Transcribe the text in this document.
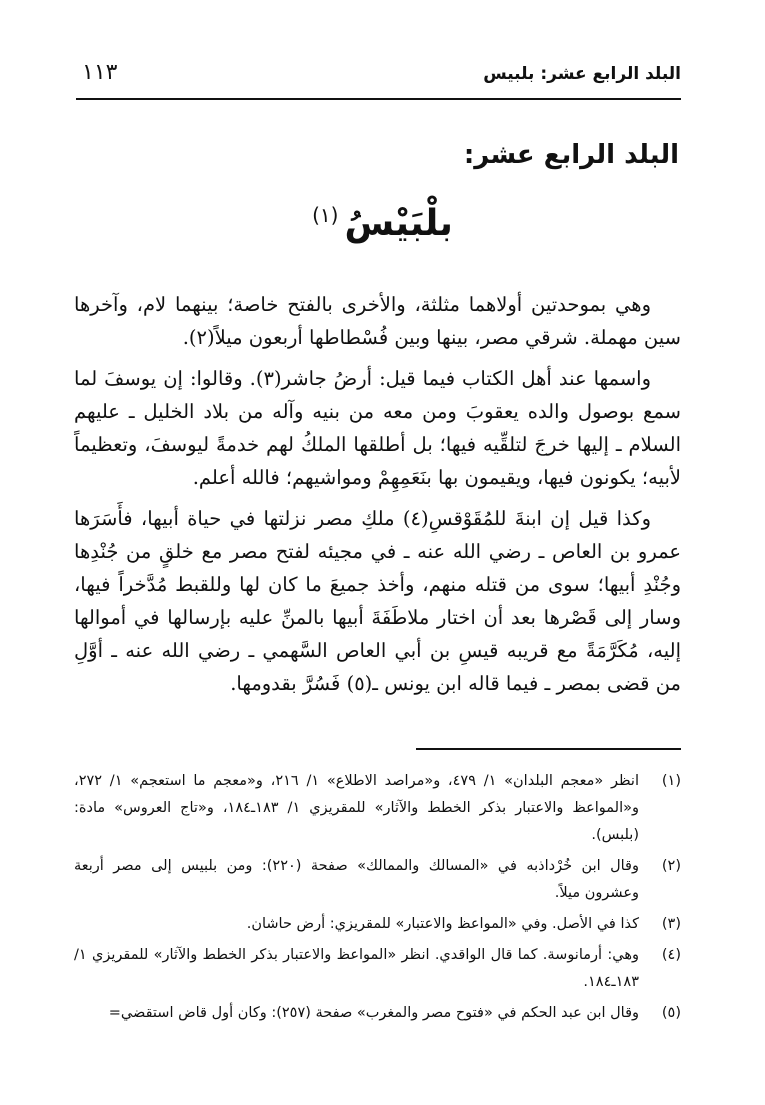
البلد الرابع عشر: بلبيس
١١٣
البلد الرابع عشر:
بلْبَيْسُ$^{(١)}$

وهي بموحدتين أولاهما مثلثة، والأخرى بالفتح خاصة؛ بينهما لام، وآخرها سين مهملة. شرقي مصر، بينها وبين فُسْطاطها أربعون ميلاً(٢).

واسمها عند أهل الكتاب فيما قيل: أرضُ جاشر(٣). وقالوا: إن يوسفَ لما سمع بوصول والده يعقوبَ ومن معه من بنيه وآله من بلاد الخليل ـ عليهم السلام ـ إليها خرجَ لتلقِّيه فيها؛ بل أطلقها الملكُ لهم خدمةً ليوسفَ، وتعظيماً لأبيه؛ يكونون فيها، ويقيمون بها بنَعَمِهِمْ ومواشيهم؛ فالله أعلم.

وكذا قيل إن ابنةَ للمُقَوْقسِ(٤) ملكِ مصر نزلتها في حياة أبيها، فأَسَرَها عمرو بن العاص ـ رضي الله عنه ـ في مجيئه لفتح مصر مع خلقٍ من جُنْدِها وجُنْدِ أبيها؛ سوى من قتله منهم، وأخذ جميعَ ما كان لها وللقبط مُدَّخراً فيها، وسار إلى قَصْرها بعد أن اختار ملاطَفَةَ أبيها بالمنِّ عليه بإرسالها في أموالها إليه، مُكَرَّمَةً مع قريبه قيسِ بن أبي العاص السَّهمي ـ رضي الله عنه ـ أوَّلِ من قضى بمصر ـ فيما قاله ابن يونس ـ(٥) فَسُرَّ بقدومها.

(١)
انظر «معجم البلدان» ١/ ٤٧٩، و«مراصد الاطلاع» ١/ ٢١٦، و«معجم ما استعجم» ١/ ٢٧٢، و«المواعظ والاعتبار بذكر الخطط والآثار» للمقريزي ١/ ١٨٣ـ١٨٤، و«تاج العروس» مادة: (بلبس).
(٢)
وقال ابن خُرْداذبه في «المسالك والممالك» صفحة (٢٢٠): ومن بلبيس إلى مصر أربعة وعشرون ميلاً.
(٣)
كذا في الأصل. وفي «المواعظ والاعتبار» للمقريزي: أرض حاشان.
(٤)
وهي: أرمانوسة. كما قال الواقدي. انظر «المواعظ والاعتبار بذكر الخطط والآثار» للمقريزي ١/ ١٨٣ـ١٨٤.
(٥)
وقال ابن عبد الحكم في «فتوح مصر والمغرب» صفحة (٢٥٧): وكان أول قاض استقضي=
